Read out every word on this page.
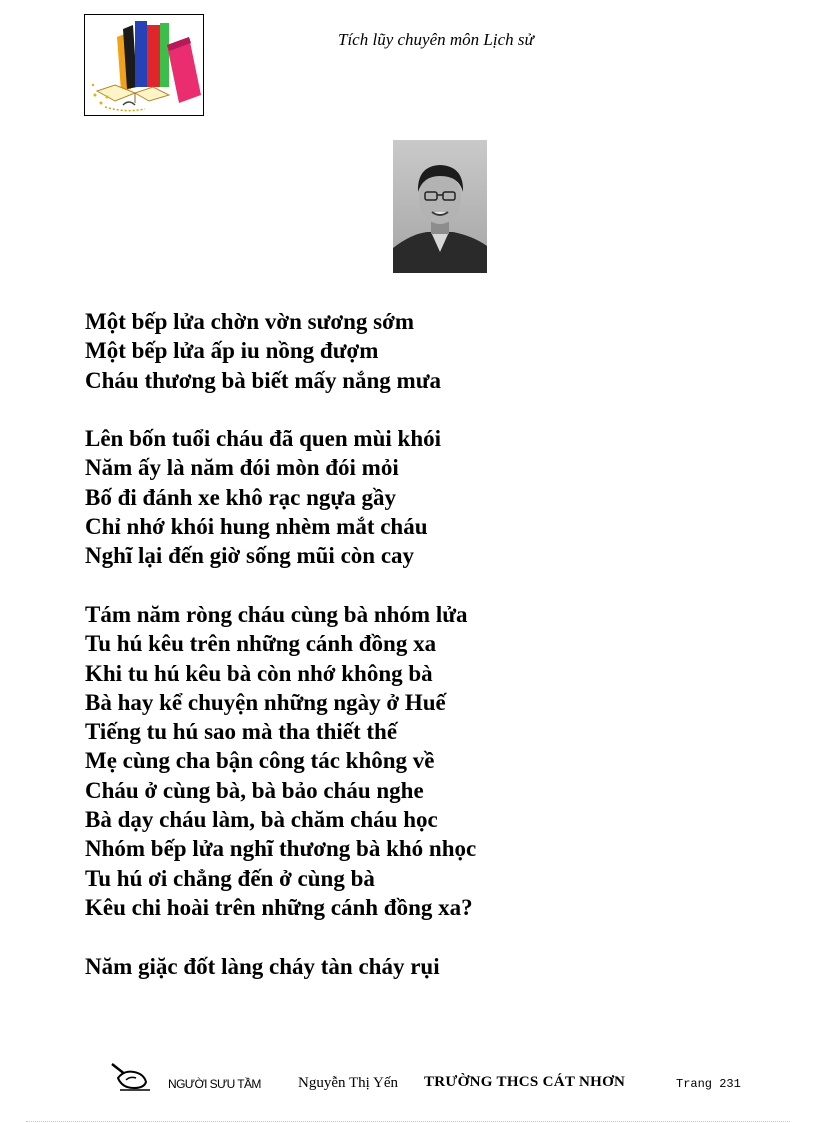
Tích lũy chuyên môn Lịch sử
Một bếp lửa chờn vờn sương sớm
Một bếp lửa ấp iu nồng đượm
Cháu thương bà biết mấy nắng mưa
Lên bốn tuổi cháu đã quen mùi khói
Năm ấy là năm đói mòn đói mỏi
Bố đi đánh xe khô rạc ngựa gầy
Chỉ nhớ khói hung nhèm mắt cháu
Nghĩ lại đến giờ sống mũi còn cay
Tám năm ròng cháu cùng bà nhóm lửa
Tu hú kêu trên những cánh đồng xa
Khi tu hú kêu bà còn nhớ không bà
Bà hay kể chuyện những ngày ở Huế
Tiếng tu hú sao mà tha thiết thế
Mẹ cùng cha bận công tác không về
Cháu ở cùng bà, bà bảo cháu nghe
Bà dạy cháu làm, bà chăm cháu học
Nhóm bếp lửa nghĩ thương bà khó nhọc
Tu hú ơi chẳng đến ở cùng bà
Kêu chi hoài trên những cánh đồng xa?
Năm giặc đốt làng cháy tàn cháy rụi
NGƯỜI SƯU TẦM Nguyễn Thị Yến TRƯỜNG THCS CÁT NHƠN	Trang 231
